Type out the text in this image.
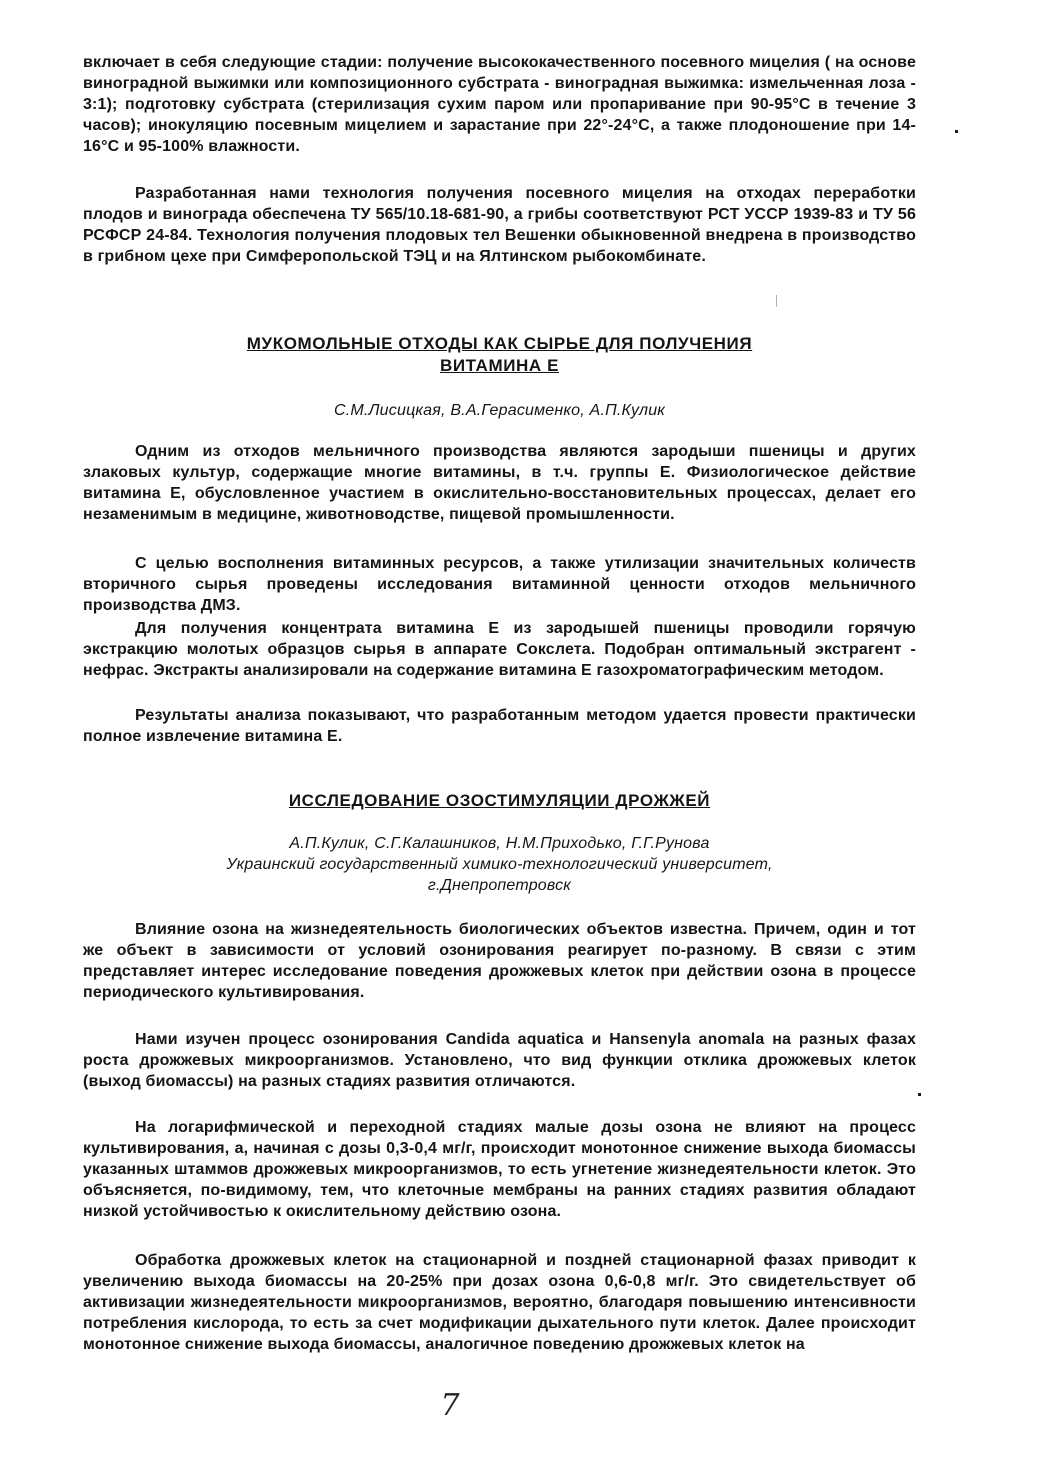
включает в себя следующие стадии: получение высококачественного посевного мицелия ( на основе виноградной выжимки или композиционного субстрата - виноградная выжимка: измельченная лоза - 3:1); подготовку субстрата (стерилизация сухим паром или пропаривание при 90-95°C в течение 3 часов); инокуляцию посевным мицелием и зарастание при 22°-24°C, а также плодоношение при 14-16°C и 95-100% влажности.

Разработанная нами технология получения посевного мицелия на отходах переработки плодов и винограда обеспечена ТУ 565/10.18-681-90, а грибы соответствуют РСТ УССР 1939-83 и ТУ 56 РСФСР 24-84. Технология получения плодовых тел Вешенки обыкновенной внедрена в производство в грибном цехе при Симферопольской ТЭЦ и на Ялтинском рыбокомбинате.

МУКОМОЛЬНЫЕ ОТХОДЫ КАК СЫРЬЕ ДЛЯ ПОЛУЧЕНИЯ
ВИТАМИНА Е

С.М.Лисицкая, В.А.Герасименко, А.П.Кулик

Одним из отходов мельничного производства являются зародыши пшеницы и других злаковых культур, содержащие многие витамины, в т.ч. группы Е. Физиологическое действие витамина Е, обусловленное участием в окислительно-восстановительных процессах, делает его незаменимым в медицине, животноводстве, пищевой промышленности.

С целью восполнения витаминных ресурсов, а также утилизации значительных количеств вторичного сырья проведены исследования витаминной ценности отходов мельничного производства ДМЗ.

Для получения концентрата витамина Е из зародышей пшеницы проводили горячую экстракцию молотых образцов сырья в аппарате Сокслета. Подобран оптимальный экстрагент - нефрас. Экстракты анализировали на содержание витамина Е газохроматографическим методом.

Результаты анализа показывают, что разработанным методом удается провести практически полное извлечение витамина Е.

ИССЛЕДОВАНИЕ ОЗОСТИМУЛЯЦИИ ДРОЖЖЕЙ

А.П.Кулик, С.Г.Калашников, Н.М.Приходько, Г.Г.Рунова

Украинский государственный химико-технологический университет,

г.Днепропетровск

Влияние озона на жизнедеятельность биологических объектов известна. Причем, один и тот же объект в зависимости от условий озонирования реагирует по-разному. В связи с этим представляет интерес исследование поведения дрожжевых клеток при действии озона в процессе периодического культивирования.

Нами изучен процесс озонирования Candida aquatica и Hansenyla anomala на разных фазах роста дрожжевых микроорганизмов. Установлено, что вид функции отклика дрожжевых клеток (выход биомассы) на разных стадиях развития отличаются.

На логарифмической и переходной стадиях малые дозы озона не влияют на процесс культивирования, а, начиная с дозы 0,3-0,4 мг/г, происходит монотонное снижение выхода биомассы указанных штаммов дрожжевых микроорганизмов, то есть угнетение жизнедеятельности клеток. Это объясняется, по-видимому, тем, что клеточные мембраны на ранних стадиях развития обладают низкой устойчивостью к окислительному действию озона.

Обработка дрожжевых клеток на стационарной и поздней стационарной фазах приводит к увеличению выхода биомассы на 20-25% при дозах озона 0,6-0,8 мг/г. Это свидетельствует об активизации жизнедеятельности микроорганизмов, вероятно, благодаря повышению интенсивности потребления кислорода, то есть за счет модификации дыхательного пути клеток. Далее происходит монотонное снижение выхода биомассы, аналогичное поведению дрожжевых клеток на

7
